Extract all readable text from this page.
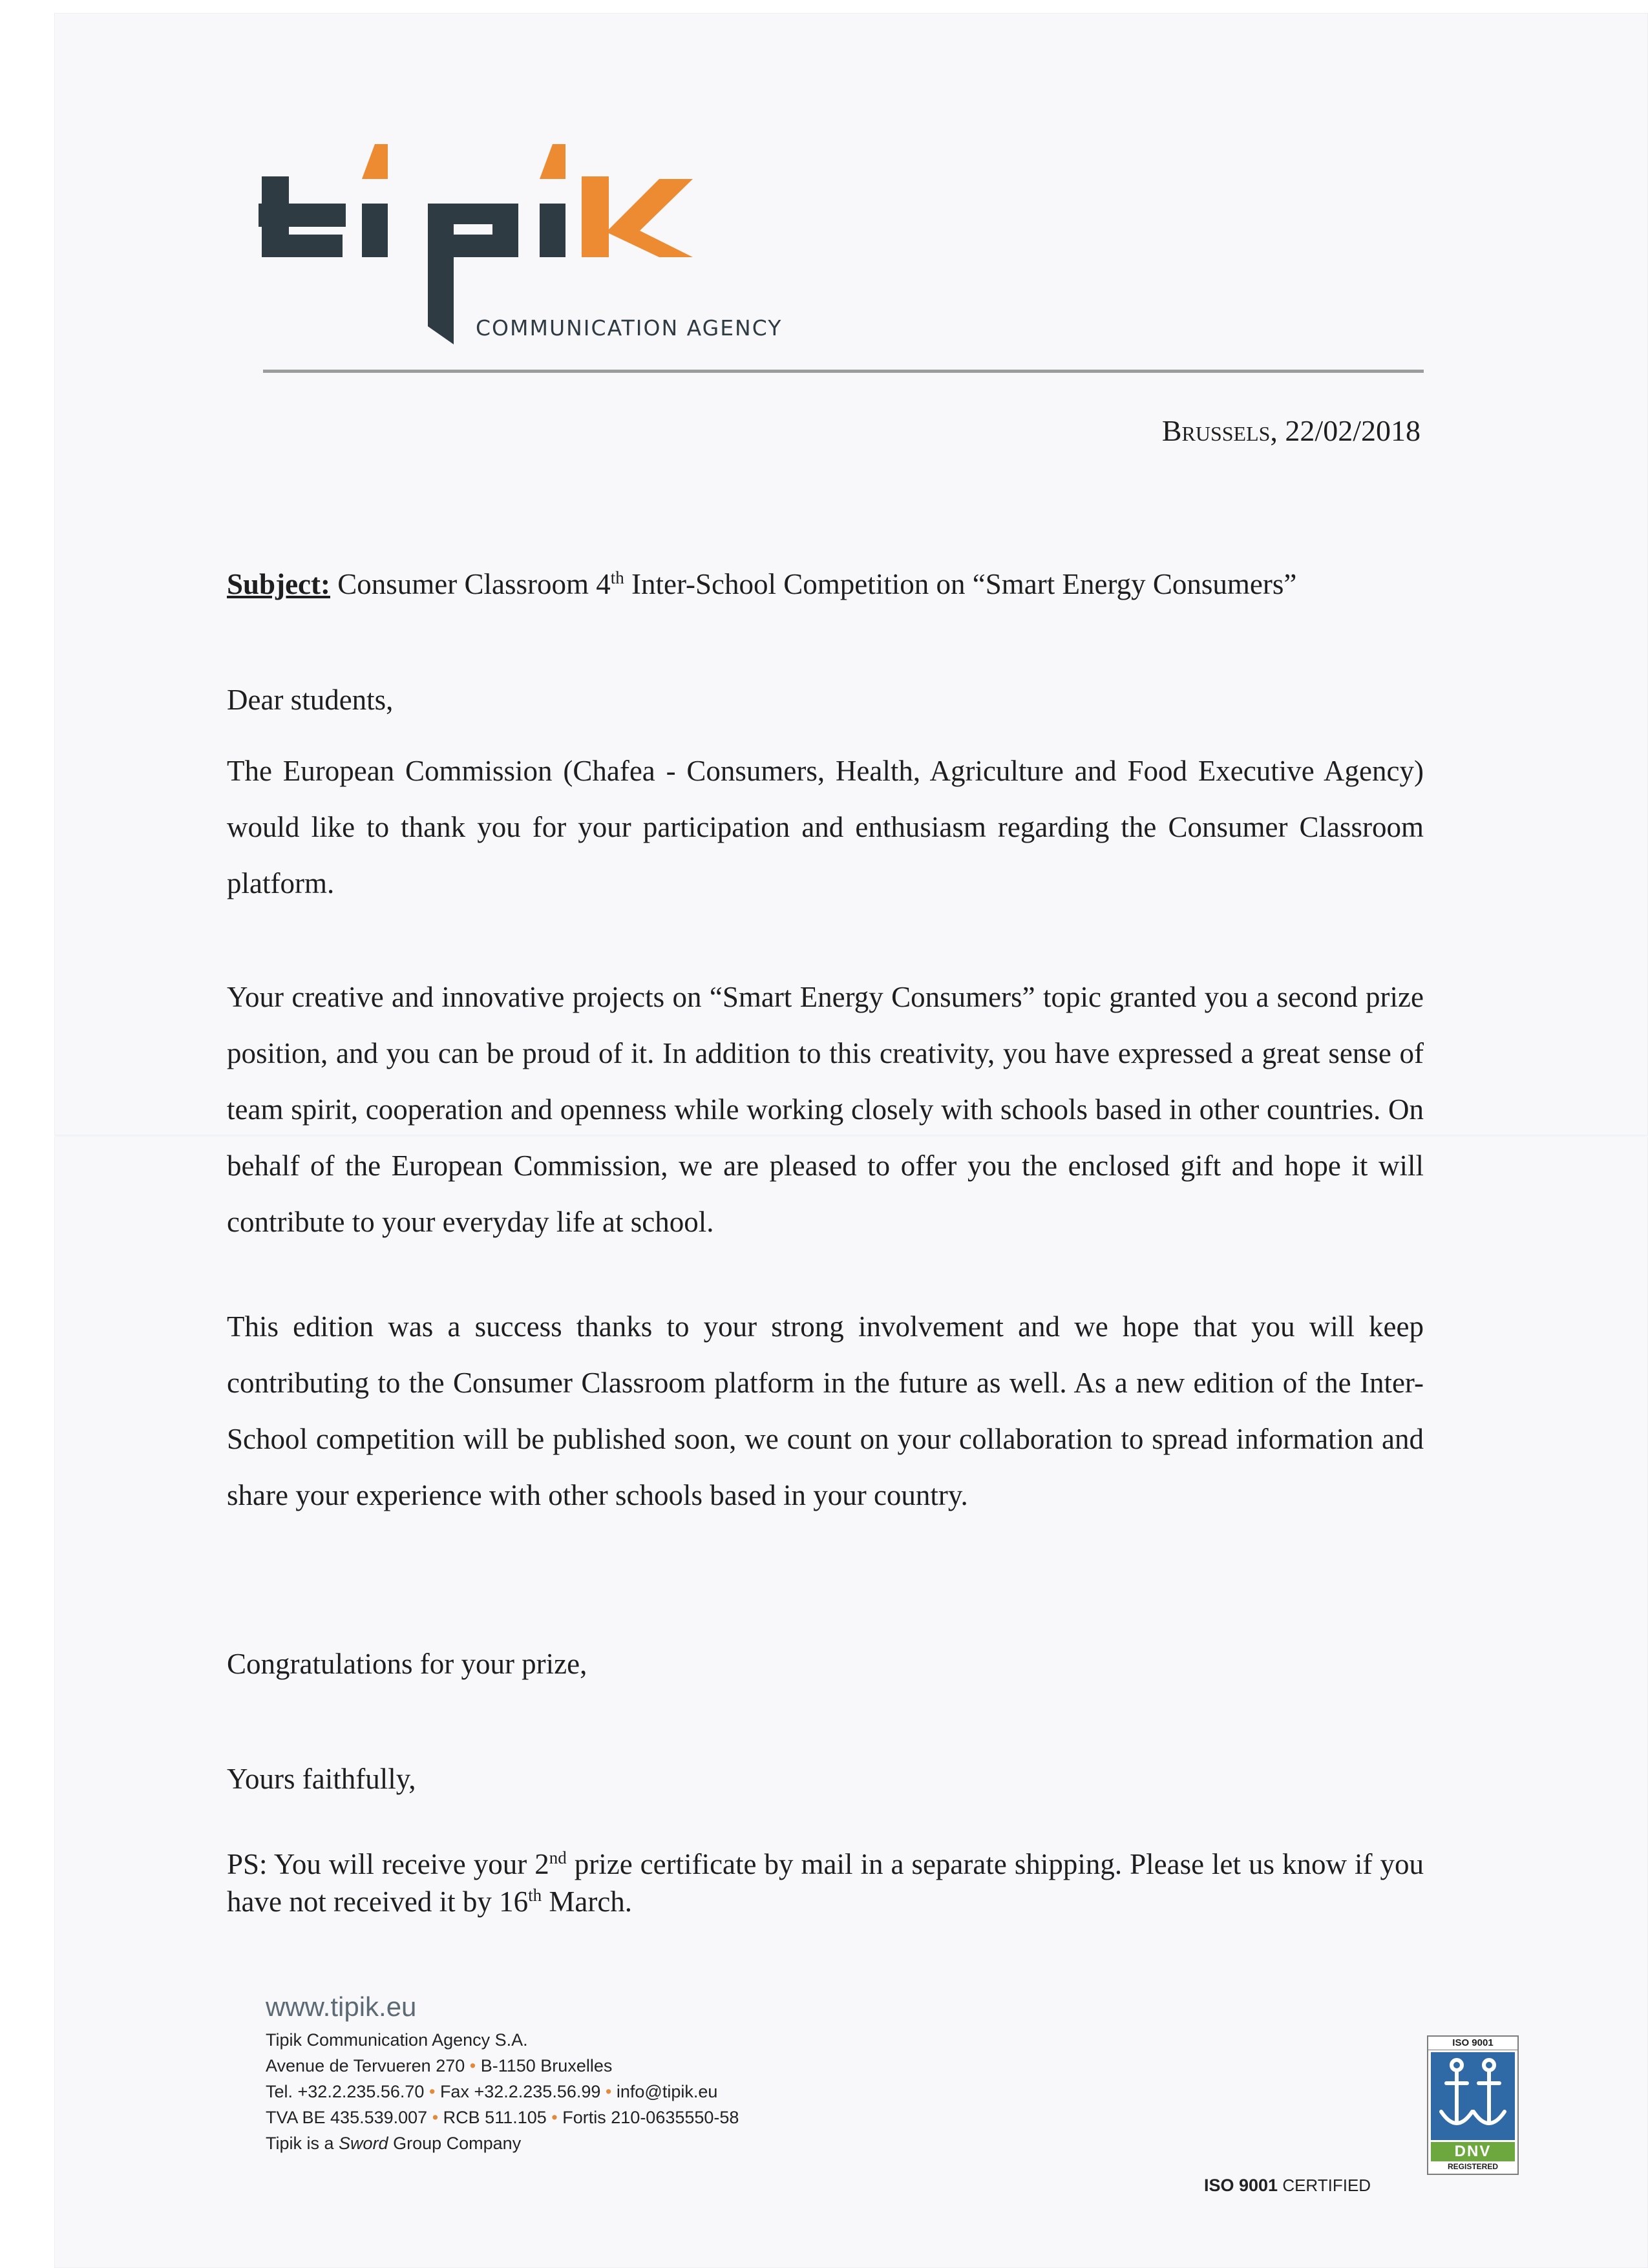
COMMUNICATION AGENCY
Brussels, 22/02/2018
Subject: Consumer Classroom 4th Inter-School Competition on “Smart Energy Consumers”

Dear students,

The European Commission (Chafea - Consumers, Health, Agriculture and Food Executive Agency) would like to thank you for your participation and enthusiasm regarding the Consumer Classroom platform.

Your creative and innovative projects on “Smart Energy Consumers” topic granted you a second prize position, and you can be proud of it. In addition to this creativity, you have expressed a great sense of team spirit, cooperation and openness while working closely with schools based in other countries. On behalf of the European Commission, we are pleased to offer you the enclosed gift and hope it will contribute to your everyday life at school.

This edition was a success thanks to your strong involvement and we hope that you will keep contributing to the Consumer Classroom platform in the future as well. As a new edition of the Inter-School competition will be published soon, we count on your collaboration to spread information and share your experience with other schools based in your country.

Congratulations for your prize,

Yours faithfully,

PS: You will receive your 2nd prize certificate by mail in a separate shipping. Please let us know if you have not received it by 16th March.

www.tipik.eu
Tipik Communication Agency S.A.
Avenue de Tervueren 270 • B-1150 Bruxelles
Tel. +32.2.235.56.70 • Fax +32.2.235.56.99 • info@tipik.eu
TVA BE 435.539.007 • RCB 511.105 • Fortis 210-0635550-58
Tipik is a Sword Group Company
ISO 9001 CERTIFIED
ISO 9001
DNV
REGISTERED
